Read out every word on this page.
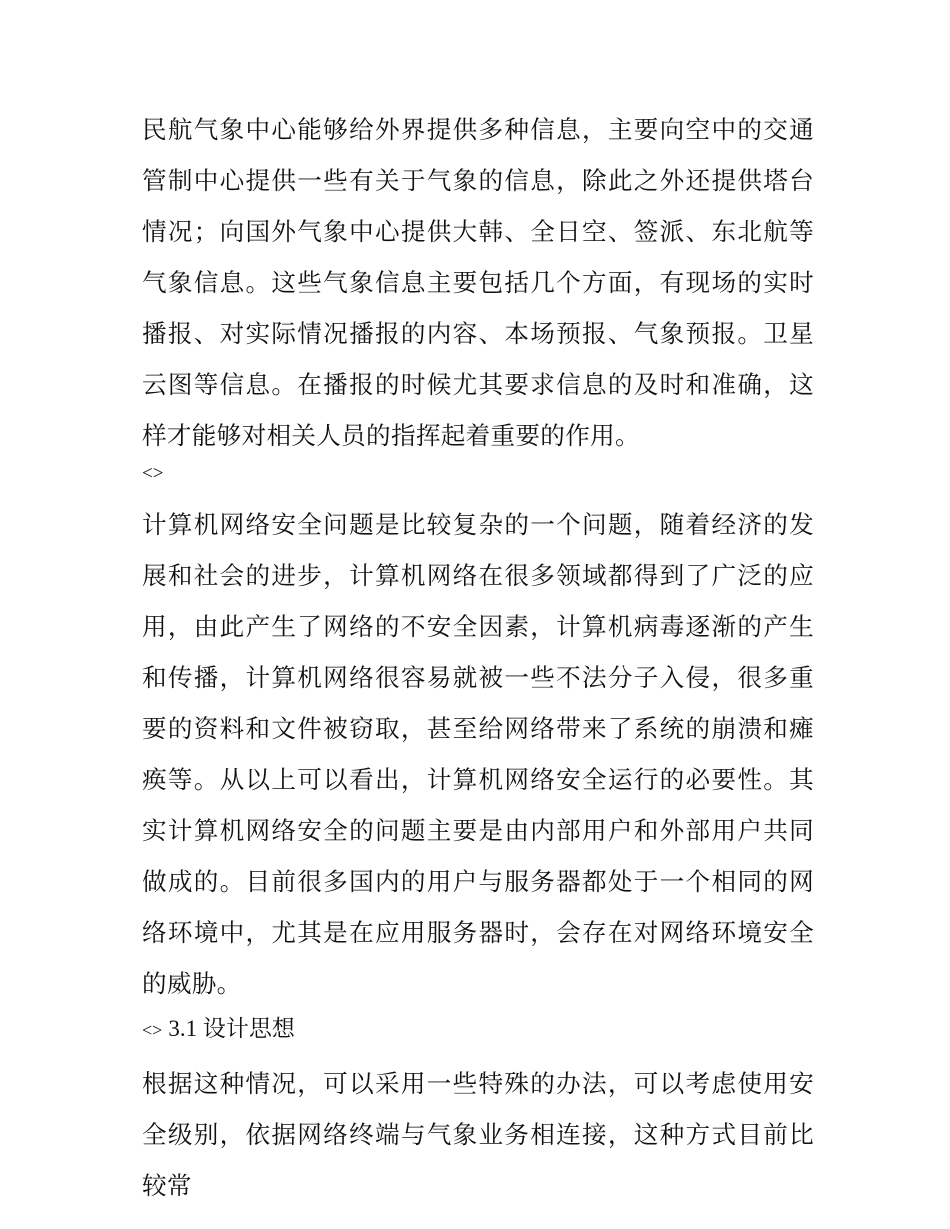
民航气象中心能够给外界提供多种信息，主要向空中的交通管制中心提供一些有关于气象的信息，除此之外还提供塔台情况；向国外气象中心提供大韩、全日空、签派、东北航等气象信息。这些气象信息主要包括几个方面，有现场的实时播报、对实际情况播报的内容、本场预报、气象预报。卫星云图等信息。在播报的时候尤其要求信息的及时和准确，这样才能够对相关人员的指挥起着重要的作用。

<>

计算机网络安全问题是比较复杂的一个问题，随着经济的发展和社会的进步，计算机网络在很多领域都得到了广泛的应用，由此产生了网络的不安全因素，计算机病毒逐渐的产生和传播，计算机网络很容易就被一些不法分子入侵，很多重要的资料和文件被窃取，甚至给网络带来了系统的崩溃和瘫痪等。从以上可以看出，计算机网络安全运行的必要性。其实计算机网络安全的问题主要是由内部用户和外部用户共同做成的。目前很多国内的用户与服务器都处于一个相同的网络环境中，尤其是在应用服务器时，会存在对网络环境安全的威胁。

<> 3.1 设计思想

根据这种情况，可以采用一些特殊的办法，可以考虑使用安全级别，依据网络终端与气象业务相连接，这种方式目前比较常
